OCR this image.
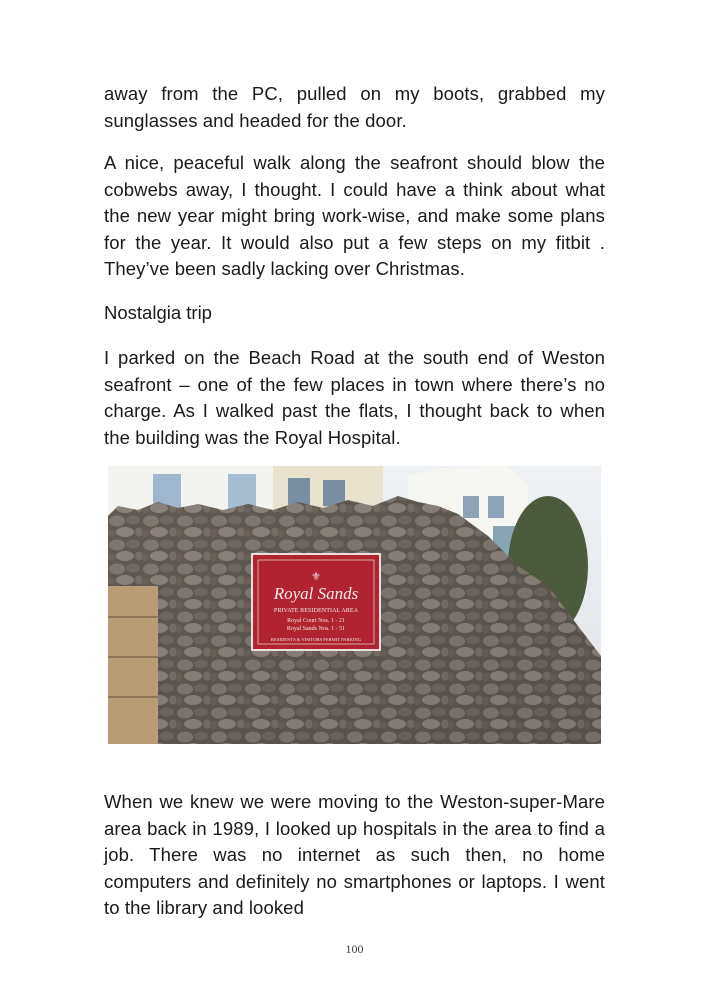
away from the PC, pulled on my boots, grabbed my sunglasses and headed for the door.

A nice, peaceful walk along the seafront should blow the cobwebs away, I thought. I could have a think about what the new year might bring work-wise, and make some plans for the year. It would also put a few steps on my fitbit . They’ve been sadly lacking over Christmas.

Nostalgia trip

I parked on the Beach Road at the south end of Weston seafront – one of the few places in town where there’s no charge. As I walked past the flats, I thought back to when the building was the Royal Hospital.

⚜
Royal Sands
PRIVATE RESIDENTIAL AREA
Royal Court Nos. 1 - 21
Royal Sands Nos. 1 - 51
RESIDENTS & VISITORS PERMIT PARKING

When we knew we were moving to the Weston-super-Mare area back in 1989, I looked up hospitals in the area to find a job. There was no internet as such then, no home computers and definitely no smartphones or laptops. I went to the library and looked

100
